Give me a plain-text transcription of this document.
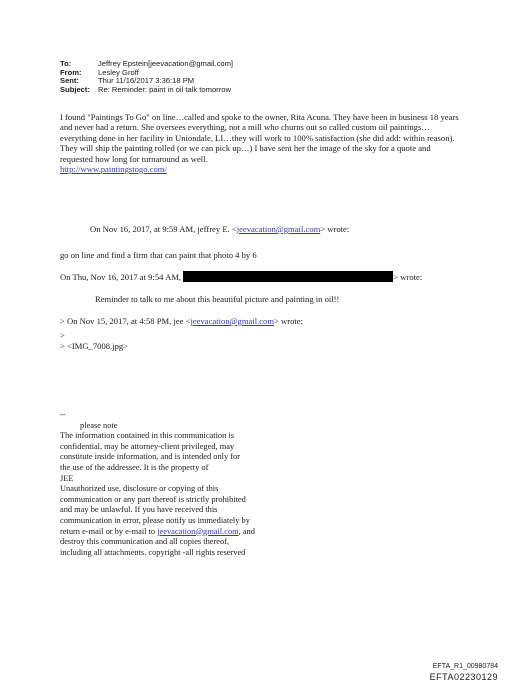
To:	Jeffrey Epstein[jeevacation@gmail.com]
From:	Lesley Groff
Sent:	Thur 11/16/2017 3:36:18 PM
Subject:	Re: Reminder: paint in oil talk tomorrow
I found "Paintings To Go" on line…called and spoke to the owner, Rita Acuna. They have been in business 18 years and never had a return. She oversees everything, not a mill who churns out so called custom oil paintings…everything done in her facility in Uniondale, LI…they will work to 100% satisfaction (she did add: within reason). They will ship the painting rolled (or we can pick up…) I have sent her the image of the sky for a quote and requested how long for turnaround as well.
http://www.paintingstogo.com/
On Nov 16, 2017, at 9:59 AM, jeffrey E. <jeevacation@gmail.com> wrote:
go on line and find a firm that can paint that photo 4 by 6
On Thu, Nov 16, 2017 at 9:54 AM,	> wrote:
Reminder to talk to me about this beautiful picture and painting in oil!!
> On Nov 15, 2017, at 4:58 PM, jee <jeevacation@gmail.com> wrote:
>
> <IMG_7008.jpg>
--
please note
The information contained in this communication is
confidential, may be attorney-client privileged, may
constitute inside information, and is intended only for
the use of the addressee. It is the property of
JEE
Unauthorized use, disclosure or copying of this
communication or any part thereof is strictly prohibited
and may be unlawful. If you have received this
communication in error, please notify us immediately by
return e-mail or by e-mail to jeevacation@gmail.com, and
destroy this communication and all copies thereof,
including all attachments. copyright -all rights reserved
EFTA_R1_00980784
EFTA02230129
